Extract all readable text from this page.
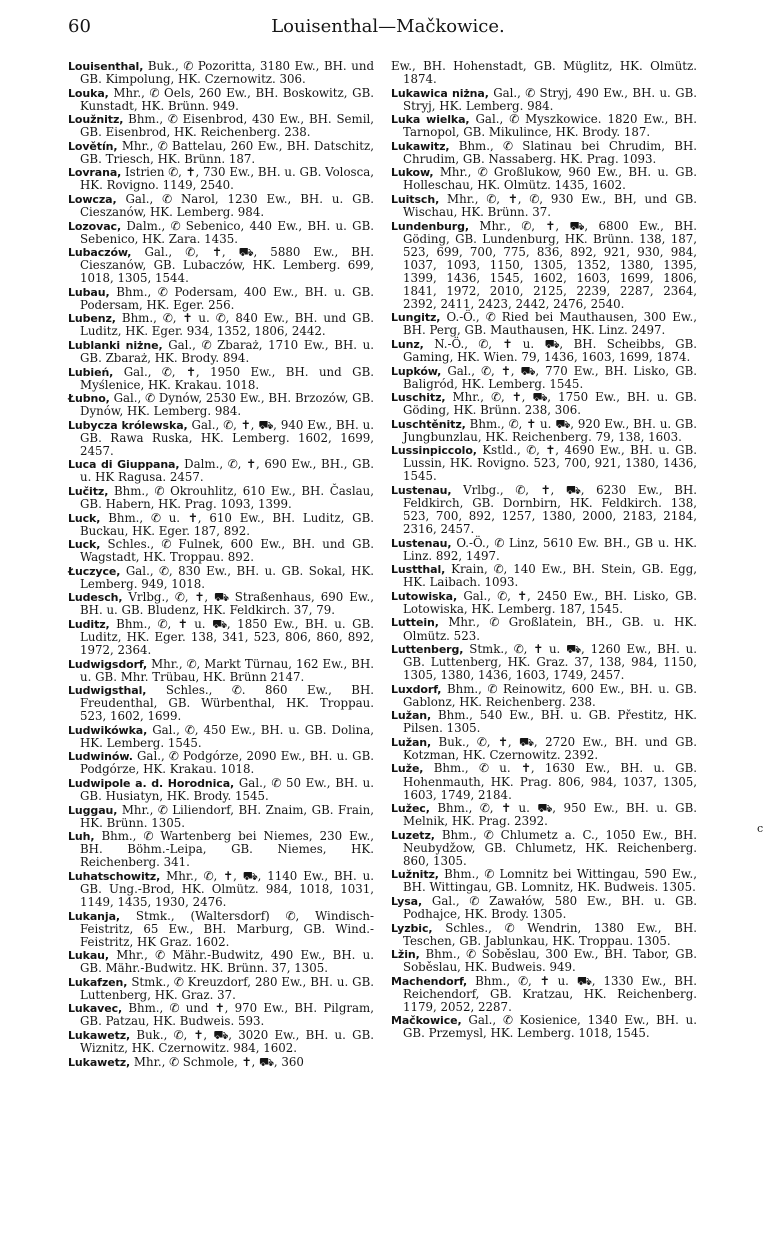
60	Louisenthal—Mačkowice.

Louisenthal, Buk., ✆ Pozoritta, 3180 Ew., BH. und GB. Kimpolung, HK. Czernowitz. 306.

Louka, Mhr., ✆ Oels, 260 Ew., BH. Boskowitz, GB. Kunstadt, HK. Brünn. 949.

Loužnitz, Bhm., ✆ Eisenbrod, 430 Ew., BH. Semil, GB. Eisenbrod, HK. Reichenberg. 238.

Lovětín, Mhr., ✆ Battelau, 260 Ew., BH. Datschitz, GB. Triesch, HK. Brünn. 187.

Lovrana, Istrien ✆, ✝, 730 Ew., BH. u. GB. Volosca, HK. Rovigno. 1149, 2540.

Lowcza, Gal., ✆ Narol, 1230 Ew., BH. u. GB. Cieszanów, HK. Lemberg. 984.

Lozovac, Dalm., ✆ Sebenico, 440 Ew., BH. u. GB. Sebenico, HK. Zara. 1435.

Lubaczów, Gal., ✆, ✝, ⛟, 5880 Ew., BH. Cieszanów, GB. Lubaczów, HK. Lemberg. 699, 1018, 1305, 1544.

Lubau, Bhm., ✆ Podersam, 400 Ew., BH. u. GB. Podersam, HK. Eger. 256.

Lubenz, Bhm., ✆, ✝ u. ✆, 840 Ew., BH. und GB. Luditz, HK. Eger. 934, 1352, 1806, 2442.

Lublanki niżne, Gal., ✆ Zbaraż, 1710 Ew., BH. u. GB. Zbaraż, HK. Brody. 894.

Lubień, Gal., ✆, ✝, 1950 Ew., BH. und GB. Myślenice, HK. Krakau. 1018.

Łubno, Gal., ✆ Dynów, 2530 Ew., BH. Brzozów, GB. Dynów, HK. Lemberg. 984.

Lubycza królewska, Gal., ✆, ✝, ⛟, 940 Ew., BH. u. GB. Rawa Ruska, HK. Lemberg. 1602, 1699, 2457.

Luca di Giuppana, Dalm., ✆, ✝, 690 Ew., BH., GB. u. HK Ragusa. 2457.

Lučitz, Bhm., ✆ Okrouhlitz, 610 Ew., BH. Časlau, GB. Habern, HK. Prag. 1093, 1399.

Luck, Bhm., ✆ u. ✝, 610 Ew., BH. Luditz, GB. Buckau, HK. Eger. 187, 892.

Luck, Schles., ✆ Fulnek, 600 Ew., BH. und GB. Wagstadt, HK. Troppau. 892.

Łuczyce, Gal., ✆, 830 Ew., BH. u. GB. Sokal, HK. Lemberg. 949, 1018.

Ludesch, Vrlbg., ✆, ✝, ⛟ Straßenhaus, 690 Ew., BH. u. GB. Bludenz, HK. Feldkirch. 37, 79.

Luditz, Bhm., ✆, ✝ u. ⛟, 1850 Ew., BH. u. GB. Luditz, HK. Eger. 138, 341, 523, 806, 860, 892, 1972, 2364.

Ludwigsdorf, Mhr., ✆, Markt Türnau, 162 Ew., BH. u. GB. Mhr. Trübau, HK. Brünn 2147.

Ludwigsthal, Schles., ✆. 860 Ew., BH. Freudenthal, GB. Würbenthal, HK. Troppau. 523, 1602, 1699.

Ludwikówka, Gal., ✆, 450 Ew., BH. u. GB. Dolina, HK. Lemberg. 1545.

Ludwinów. Gal., ✆ Podgórze, 2090 Ew., BH. u. GB. Podgórze, HK. Krakau. 1018.

Ludwipole a. d. Horodnica, Gal., ✆ 50 Ew., BH. u. GB. Husiatyn, HK. Brody. 1545.

Luggau, Mhr., ✆ Liliendorf, BH. Znaim, GB. Frain, HK. Brünn. 1305.

Luh, Bhm., ✆ Wartenberg bei Niemes, 230 Ew., BH. Böhm.-Leipa, GB. Niemes, HK. Reichenberg. 341.

Luhatschowitz, Mhr., ✆, ✝, ⛟, 1140 Ew., BH. u. GB. Ung.-Brod, HK. Olmütz. 984, 1018, 1031, 1149, 1435, 1930, 2476.

Lukanja, Stmk., (Waltersdorf) ✆, Windisch-Feistritz, 65 Ew., BH. Marburg, GB. Wind.-Feistritz, HK Graz. 1602.

Lukau, Mhr., ✆ Mähr.-Budwitz, 490 Ew., BH. u. GB. Mähr.-Budwitz. HK. Brünn. 37, 1305.

Lukafzen, Stmk., ✆ Kreuzdorf, 280 Ew., BH. u. GB. Luttenberg, HK. Graz. 37.

Lukavec, Bhm., ✆ und ✝, 970 Ew., BH. Pilgram, GB. Patzau, HK. Budweis. 593.

Lukawetz, Buk., ✆, ✝, ⛟, 3020 Ew., BH. u. GB. Wiznitz, HK. Czernowitz. 984, 1602.

Lukawetz, Mhr., ✆ Schmole, ✝, ⛟, 360

Ew., BH. Hohenstadt, GB. Müglitz, HK. Olmütz. 1874.

Lukawica niżna, Gal., ✆ Stryj, 490 Ew., BH. u. GB. Stryj, HK. Lemberg. 984.

Luka wielka, Gal., ✆ Myszkowice. 1820 Ew., BH. Tarnopol, GB. Mikulince, HK. Brody. 187.

Lukawitz, Bhm., ✆ Slatinau bei Chrudim, BH. Chrudim, GB. Nassaberg. HK. Prag. 1093.

Lukow, Mhr., ✆ Großlukow, 960 Ew., BH. u. GB. Holleschau, HK. Olmütz. 1435, 1602.

Luitsch, Mhr., ✆, ✝, ✆, 930 Ew., BH, und GB. Wischau, HK. Brünn. 37.

Lundenburg, Mhr., ✆, ✝, ⛟, 6800 Ew., BH. Göding, GB. Lundenburg, HK. Brünn. 138, 187, 523, 699, 700, 775, 836, 892, 921, 930, 984, 1037, 1093, 1150, 1305, 1352, 1380, 1395, 1399, 1436, 1545, 1602, 1603, 1699, 1806, 1841, 1972, 2010, 2125, 2239, 2287, 2364, 2392, 2411, 2423, 2442, 2476, 2540.

Lungitz, O.-Ö., ✆ Ried bei Mauthausen, 300 Ew., BH. Perg, GB. Mauthausen, HK. Linz. 2497.

Lunz, N.-Ö., ✆, ✝ u. ⛟, BH. Scheibbs, GB. Gaming, HK. Wien. 79, 1436, 1603, 1699, 1874.

Lupków, Gal., ✆, ✝, ⛟, 770 Ew., BH. Lisko, GB. Baligród, HK. Lemberg. 1545.

Luschitz, Mhr., ✆, ✝, ⛟, 1750 Ew., BH. u. GB. Göding, HK. Brünn. 238, 306.

Luschtěnitz, Bhm., ✆, ✝ u. ⛟, 920 Ew., BH. u. GB. Jungbunzlau, HK. Reichenberg. 79, 138, 1603.

Lussinpiccolo, Kstld., ✆, ✝, 4690 Ew., BH. u. GB. Lussin, HK. Rovigno. 523, 700, 921, 1380, 1436, 1545.

Lustenau, Vrlbg., ✆, ✝, ⛟, 6230 Ew., BH. Feldkirch, GB. Dornbirn, HK. Feldkirch. 138, 523, 700, 892, 1257, 1380, 2000, 2183, 2184, 2316, 2457.

Lustenau, O.-Ö., ✆ Linz, 5610 Ew. BH., GB u. HK. Linz. 892, 1497.

Lustthal, Krain, ✆, 140 Ew., BH. Stein, GB. Egg, HK. Laibach. 1093.

Lutowiska, Gal., ✆, ✝, 2450 Ew., BH. Lisko, GB. Lotowiska, HK. Lemberg. 187, 1545.

Luttein, Mhr., ✆ Großlatein, BH., GB. u. HK. Olmütz. 523.

Luttenberg, Stmk., ✆, ✝ u. ⛟, 1260 Ew., BH. u. GB. Luttenberg, HK. Graz. 37, 138, 984, 1150, 1305, 1380, 1436, 1603, 1749, 2457.

Luxdorf, Bhm., ✆ Reinowitz, 600 Ew., BH. u. GB. Gablonz, HK. Reichenberg. 238.

Lužan, Bhm., 540 Ew., BH. u. GB. Přestitz, HK. Pilsen. 1305.

Lužan, Buk., ✆, ✝, ⛟, 2720 Ew., BH. und GB. Kotzman, HK. Czernowitz. 2392.

Luže, Bhm., ✆ u. ✝, 1630 Ew., BH. u. GB. Hohenmauth, HK. Prag. 806, 984, 1037, 1305, 1603, 1749, 2184.

Lužec, Bhm., ✆, ✝ u. ⛟, 950 Ew., BH. u. GB. Melnik, HK. Prag. 2392.

Luzetz, Bhm., ✆ Chlumetz a. C., 1050 Ew., BH. Neubydžow, GB. Chlumetz, HK. Reichenberg. 860, 1305.

Lužnitz, Bhm., ✆ Lomnitz bei Wittingau, 590 Ew., BH. Wittingau, GB. Lomnitz, HK. Budweis. 1305.

Lysa, Gal., ✆ Zawałów, 580 Ew., BH. u. GB. Podhajce, HK. Brody. 1305.

Lyzbic, Schles., ✆ Wendrin, 1380 Ew., BH. Teschen, GB. Jablunkau, HK. Troppau. 1305.

Lžin, Bhm., ✆ Soběslau, 300 Ew., BH. Tabor, GB. Soběslau, HK. Budweis. 949.

Machendorf, Bhm., ✆, ✝ u. ⛟, 1330 Ew., BH. Reichendorf, GB. Kratzau, HK. Reichenberg. 1179, 2052, 2287.

Mačkowice, Gal., ✆ Kosienice, 1340 Ew., BH. u. GB. Przemysl, HK. Lemberg. 1018, 1545.

c
